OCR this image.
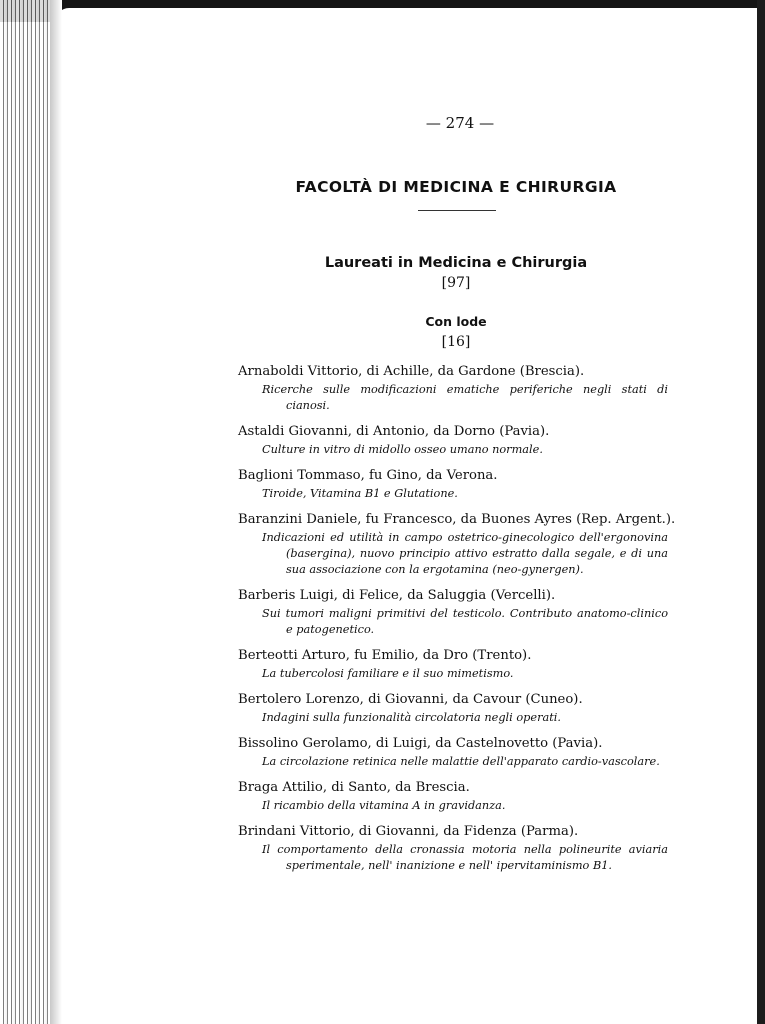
— 274 —
FACOLTÀ DI MEDICINA E CHIRURGIA
Laureati in Medicina e Chirurgia
[97]
Con lode
[16]
Arnaboldi Vittorio, di Achille, da Gardone (Brescia).
Ricerche sulle modificazioni ematiche periferiche negli stati di cianosi.
Astaldi Giovanni, di Antonio, da Dorno (Pavia).
Culture in vitro di midollo osseo umano normale.
Baglioni Tommaso, fu Gino, da Verona.
Tiroide, Vitamina B1 e Glutatione.
Baranzini Daniele, fu Francesco, da Buones Ayres (Rep. Argent.).
Indicazioni ed utilità in campo ostetrico-ginecologico dell'ergonovina (basergina), nuovo principio attivo estratto dalla segale, e di una sua associazione con la ergotamina (neo-gynergen).
Barberis Luigi, di Felice, da Saluggia (Vercelli).
Sui tumori maligni primitivi del testicolo. Contributo anatomo-clinico e patogenetico.
Berteotti Arturo, fu Emilio, da Dro (Trento).
La tubercolosi familiare e il suo mimetismo.
Bertolero Lorenzo, di Giovanni, da Cavour (Cuneo).
Indagini sulla funzionalità circolatoria negli operati.
Bissolino Gerolamo, di Luigi, da Castelnovetto (Pavia).
La circolazione retinica nelle malattie dell'apparato cardio-vascolare.
Braga Attilio, di Santo, da Brescia.
Il ricambio della vitamina A in gravidanza.
Brindani Vittorio, di Giovanni, da Fidenza (Parma).
Il comportamento della cronassia motoria nella polineurite aviaria sperimentale, nell' inanizione e nell' ipervitaminismo B1.
